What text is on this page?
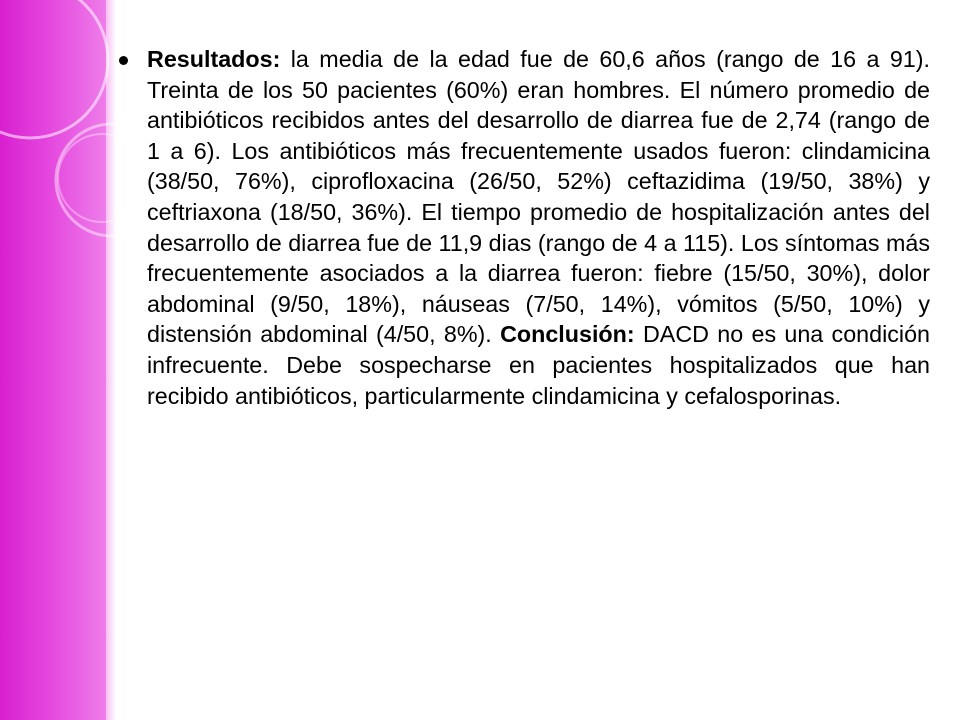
Resultados: la media de la edad fue de 60,6 años (rango de 16 a 91). Treinta de los 50 pacientes (60%) eran hombres. El número promedio de antibióticos recibidos antes del desarrollo de diarrea fue de 2,74 (rango de 1 a 6). Los antibióticos más frecuentemente usados fueron: clindamicina (38/50, 76%), ciprofloxacina (26/50, 52%) ceftazidima (19/50, 38%) y ceftriaxona (18/50, 36%). El tiempo promedio de hospitalización antes del desarrollo de diarrea fue de 11,9 dias (rango de 4 a 115). Los síntomas más frecuentemente asociados a la diarrea fueron: fiebre (15/50, 30%), dolor abdominal (9/50, 18%), náuseas (7/50, 14%), vómitos (5/50, 10%) y distensión abdominal (4/50, 8%). Conclusión: DACD no es una condición infrecuente. Debe sospecharse en pacientes hospitalizados que han recibido antibióticos, particularmente clindamicina y cefalosporinas.
